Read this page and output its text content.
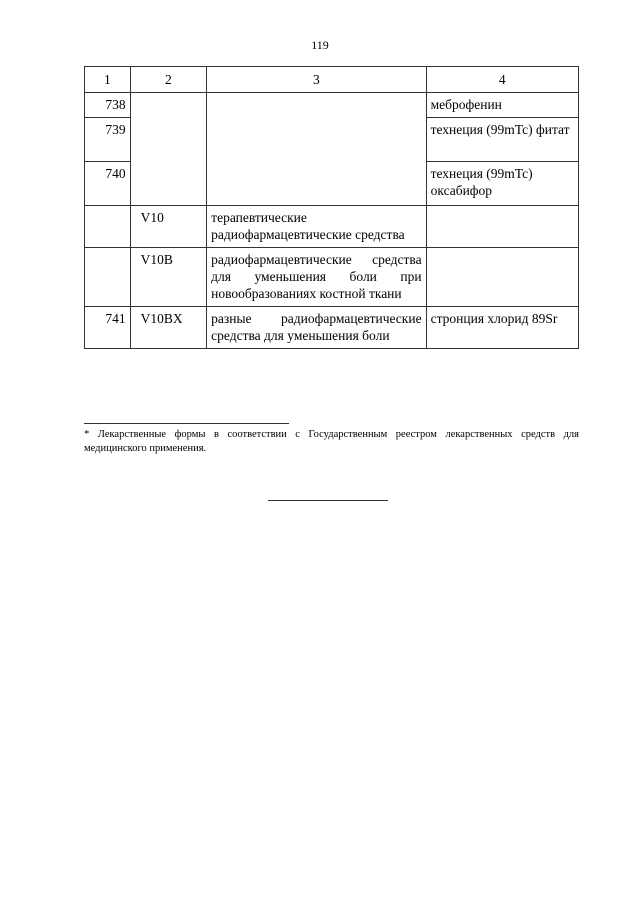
119
1	2	3	4
738			меброфенин
739			технеция (99mTc) фитат
740			технеция (99mTc) оксабифор
	V10	терапевтические радиофармацевтические средства	
	V10B	радиофармацевтические средства для уменьшения боли при новообразованиях костной ткани	
741	V10BX	разные радиофармацевтические средства для уменьшения боли	стронция хлорид 89Sr
* Лекарственные формы в соответствии с Государственным реестром лекарственных средств для медицинского применения.
